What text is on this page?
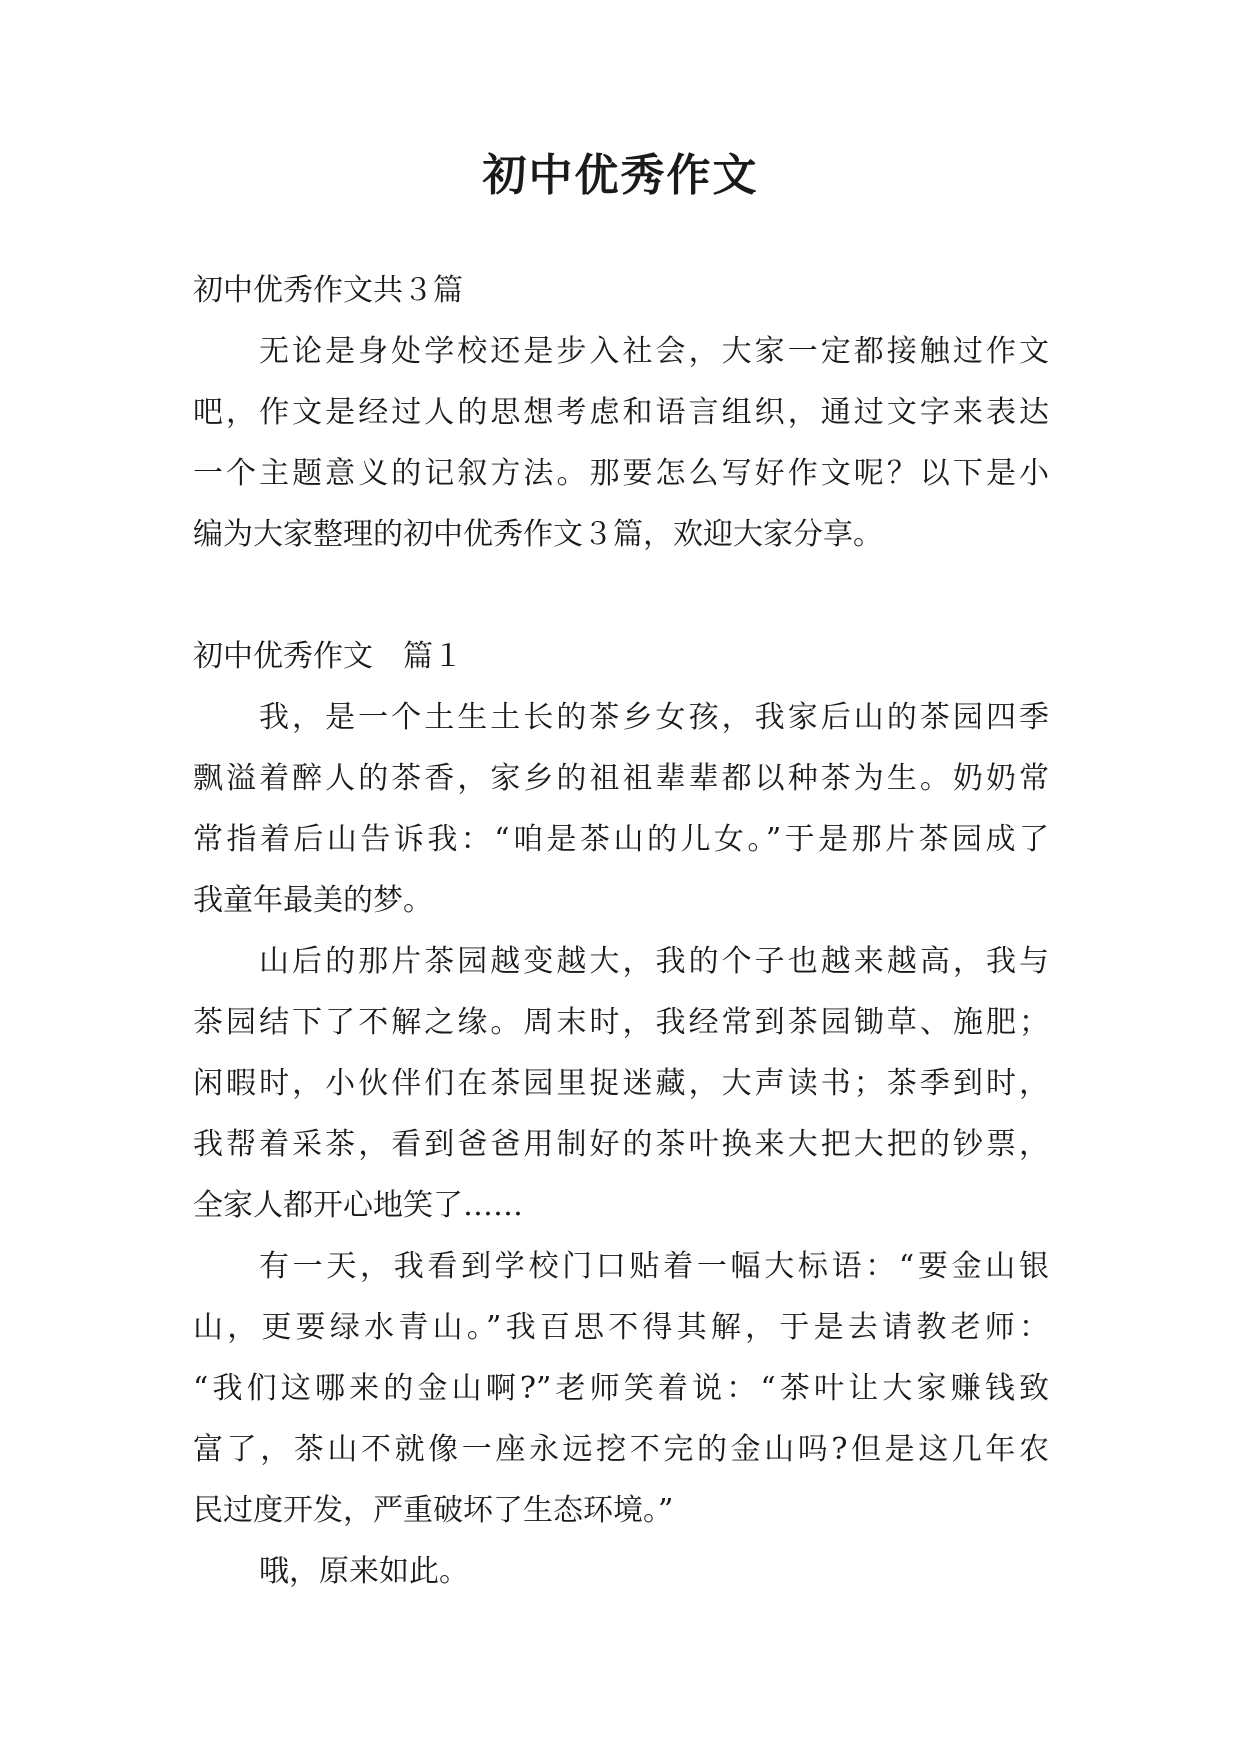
初中优秀作文
初中优秀作文共３篇

无论是身处学校还是步入社会，大家一定都接触过作文
吧，作文是经过人的思想考虑和语言组织，通过文字来表达
一个主题意义的记叙方法。那要怎么写好作文呢？以下是小
编为大家整理的初中优秀作文３篇，欢迎大家分享。

初中优秀作文　篇１

我，是一个土生土长的茶乡女孩，我家后山的茶园四季
飘溢着醉人的茶香，家乡的祖祖辈辈都以种茶为生。奶奶常
常指着后山告诉我：“咱是茶山的儿女。”于是那片茶园成了
我童年最美的梦。

山后的那片茶园越变越大，我的个子也越来越高，我与
茶园结下了不解之缘。周末时，我经常到茶园锄草、施肥；
闲暇时，小伙伴们在茶园里捉迷藏，大声读书；茶季到时，
我帮着采茶，看到爸爸用制好的茶叶换来大把大把的钞票，
全家人都开心地笑了……

有一天，我看到学校门口贴着一幅大标语：“要金山银
山，更要绿水青山。”我百思不得其解，于是去请教老师：
“我们这哪来的金山啊?”老师笑着说：“茶叶让大家赚钱致
富了，茶山不就像一座永远挖不完的金山吗?但是这几年农
民过度开发，严重破坏了生态环境。”

哦，原来如此。
